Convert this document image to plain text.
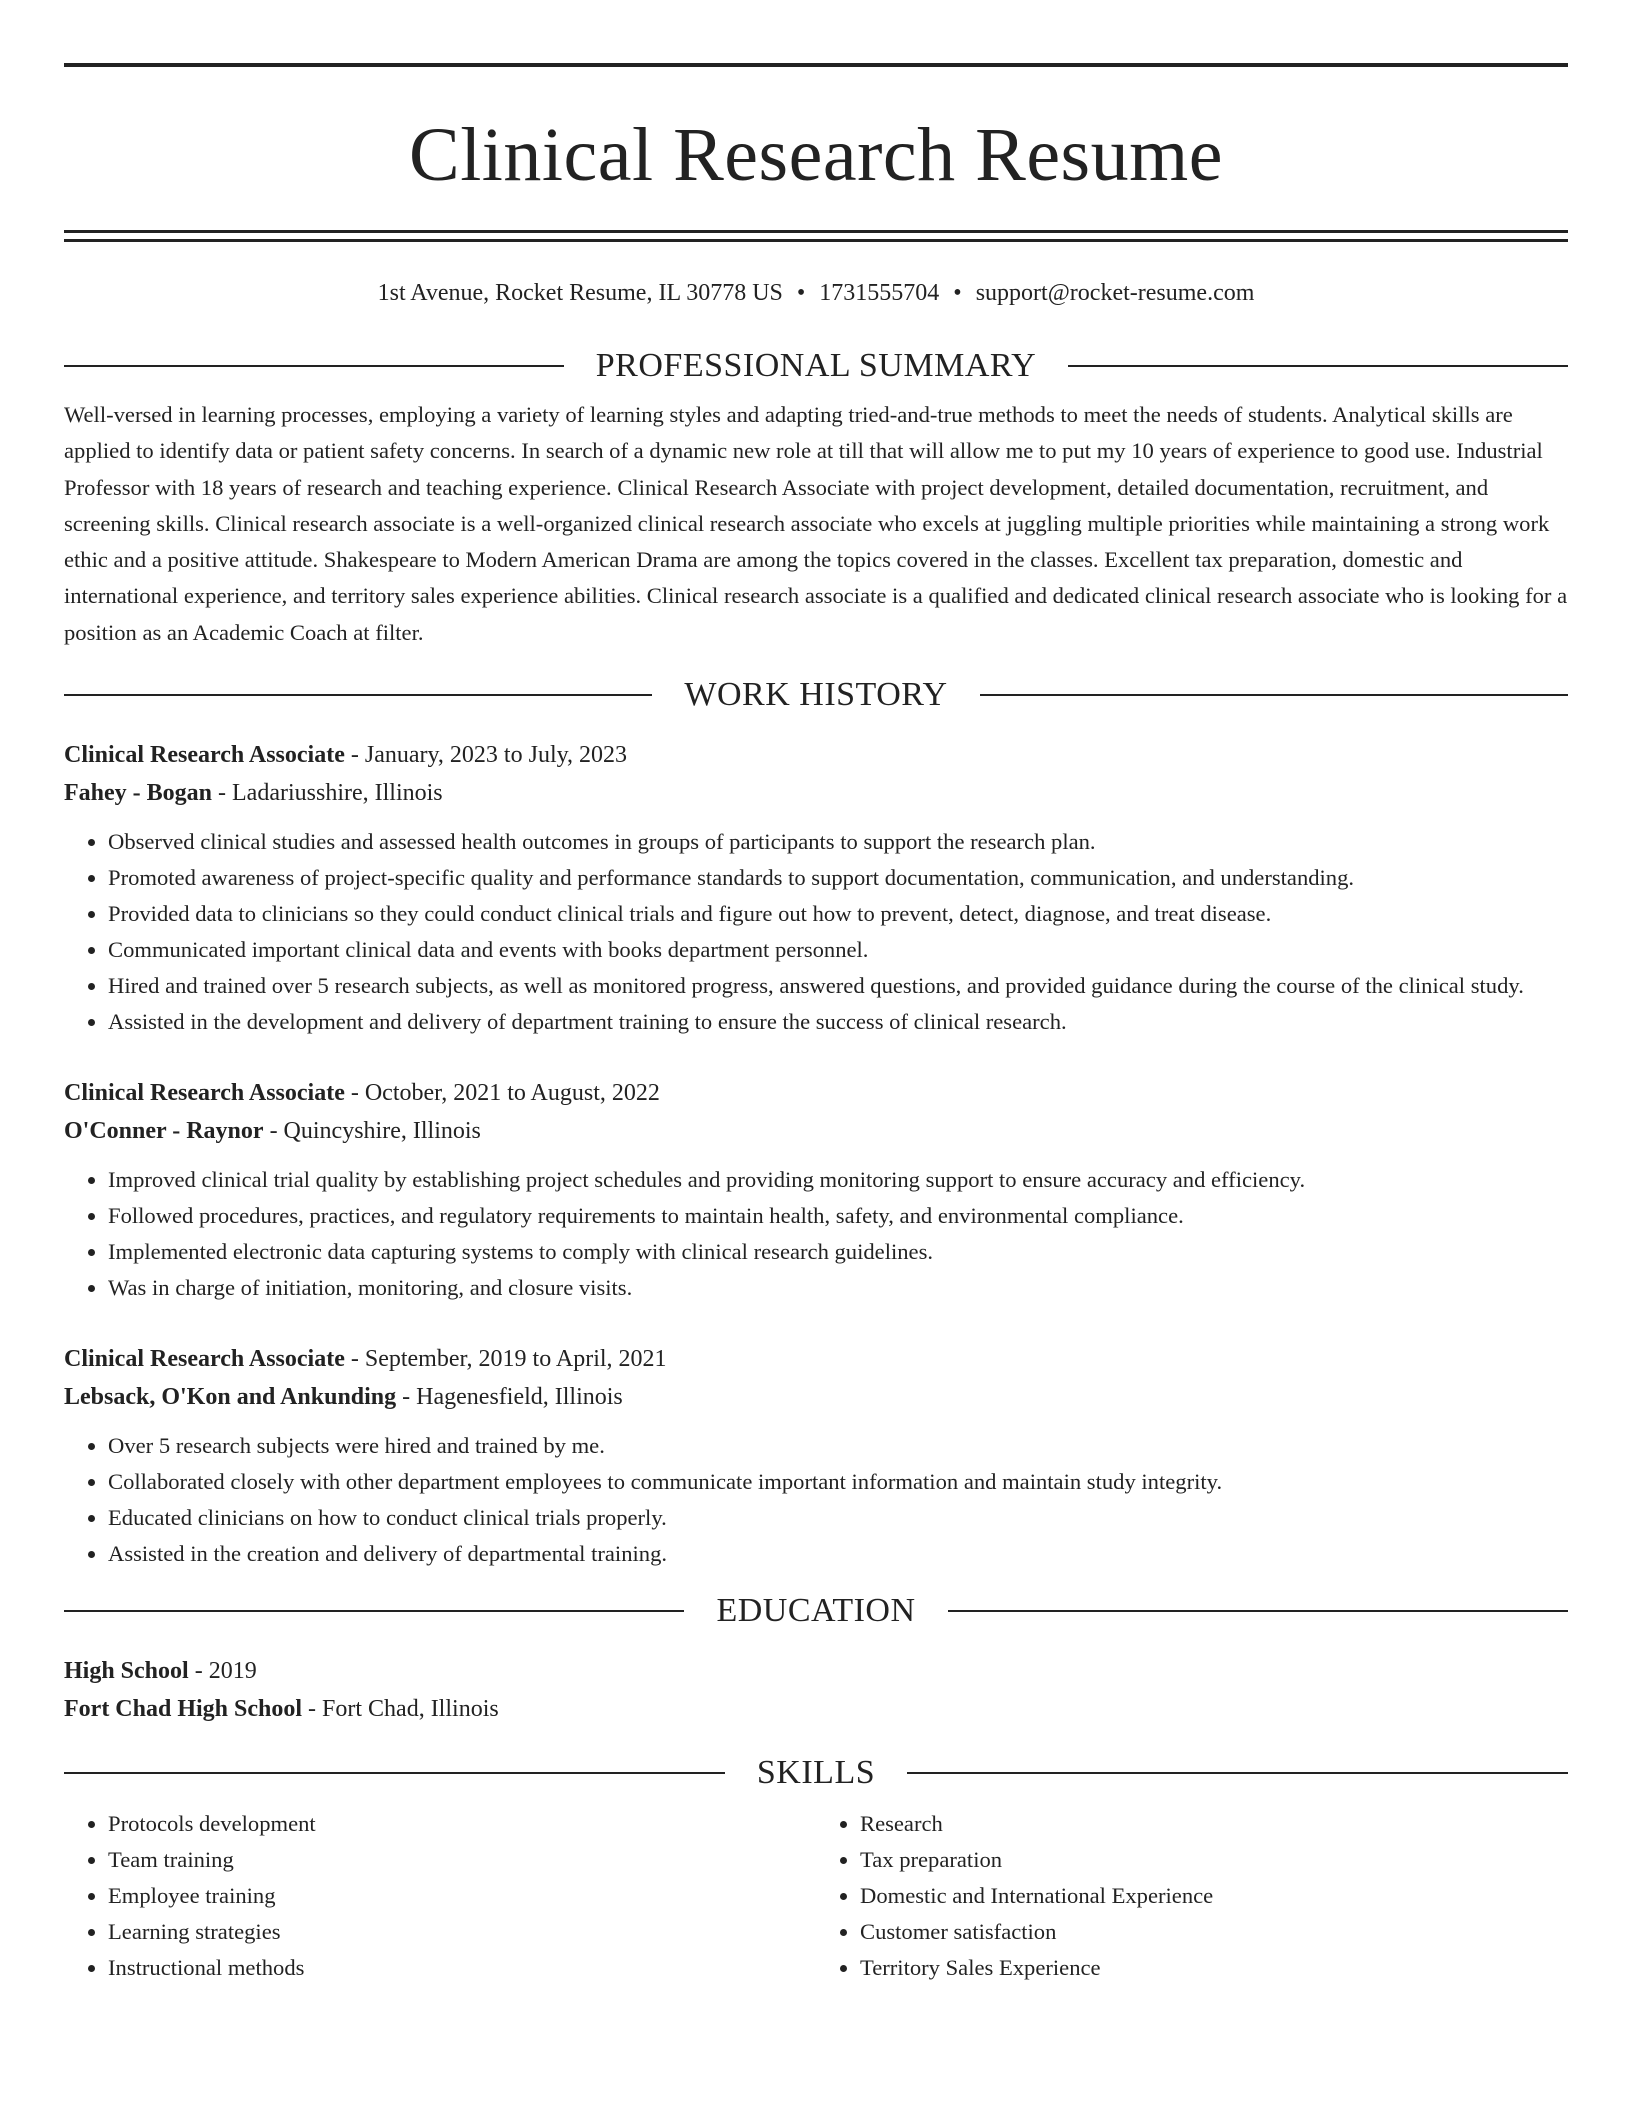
Clinical Research Resume
1st Avenue, Rocket Resume, IL 30778 US • 1731555704 • support@rocket-resume.com
PROFESSIONAL SUMMARY

Well-versed in learning processes, employing a variety of learning styles and adapting tried-and-true methods to meet the needs of students. Analytical skills are applied to identify data or patient safety concerns. In search of a dynamic new role at till that will allow me to put my 10 years of experience to good use. Industrial Professor with 18 years of research and teaching experience. Clinical Research Associate with project development, detailed documentation, recruitment, and screening skills. Clinical research associate is a well-organized clinical research associate who excels at juggling multiple priorities while maintaining a strong work ethic and a positive attitude. Shakespeare to Modern American Drama are among the topics covered in the classes. Excellent tax preparation, domestic and international experience, and territory sales experience abilities. Clinical research associate is a qualified and dedicated clinical research associate who is looking for a position as an Academic Coach at filter.

WORK HISTORY
Clinical Research Associate - January, 2023 to July, 2023
Fahey - Bogan - Ladariusshire, Illinois
• Observed clinical studies and assessed health outcomes in groups of participants to support the research plan.
• Promoted awareness of project-specific quality and performance standards to support documentation, communication, and understanding.
• Provided data to clinicians so they could conduct clinical trials and figure out how to prevent, detect, diagnose, and treat disease.
• Communicated important clinical data and events with books department personnel.
• Hired and trained over 5 research subjects, as well as monitored progress, answered questions, and provided guidance during the course of the clinical study.
• Assisted in the development and delivery of department training to ensure the success of clinical research.
Clinical Research Associate - October, 2021 to August, 2022
O'Conner - Raynor - Quincyshire, Illinois
• Improved clinical trial quality by establishing project schedules and providing monitoring support to ensure accuracy and efficiency.
• Followed procedures, practices, and regulatory requirements to maintain health, safety, and environmental compliance.
• Implemented electronic data capturing systems to comply with clinical research guidelines.
• Was in charge of initiation, monitoring, and closure visits.
Clinical Research Associate - September, 2019 to April, 2021
Lebsack, O'Kon and Ankunding - Hagenesfield, Illinois
• Over 5 research subjects were hired and trained by me.
• Collaborated closely with other department employees to communicate important information and maintain study integrity.
• Educated clinicians on how to conduct clinical trials properly.
• Assisted in the creation and delivery of departmental training.
EDUCATION
High School - 2019
Fort Chad High School - Fort Chad, Illinois
SKILLS
• Protocols development
• Team training
• Employee training
• Learning strategies
• Instructional methods
• Research
• Tax preparation
• Domestic and International Experience
• Customer satisfaction
• Territory Sales Experience
